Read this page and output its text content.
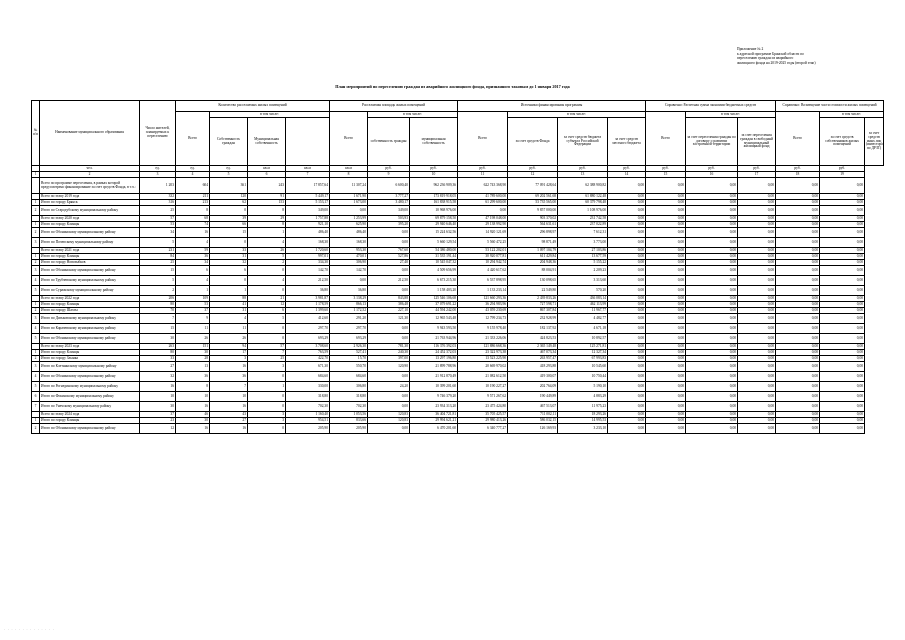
Приложение № 2
к адресной программе Брянской области по
переселению граждан из аварийного
жилищного фонда на 2019-2025 годы (второй этап)
План мероприятий по переселению граждан из аварийного жилищного фонда, признанного таковым до 1 января 2017 года
№ п/п	Наименование муниципального образования	Число жителей, планируемых к переселению	Количество расселяемых жилых помещений				Расселяемая площадь жилых помещений			Источники финансирования программы				Справочно: Расчетная сумма экономии бюджетных средств			Справочно: Возмещение части стоимости жилых помещений		
			Всего	в том числе:			Всего	в том числе:		Всего	в том числе:			Всего	в том числе:		Всего	в том числе:	
				Собственность граждан	Муниципальная собственность			собственность граждан	муниципальная собственность		за счет средств Фонда	за счет средств бюджета субъекта Российской Федерации	за счет средств местного бюджета		за счет переселения граждан по договору о развитии застроенной территории	за счет переселения граждан в свободный муниципальный жилищный фонд		за счет средств собственников жилых помещений	за счет средств иных лиц (инвестора по ДРЗТ)
	чел.	ед.	ед.	ед.	кв.м	кв.м	кв.м	руб.	руб.	руб.	руб.	руб.	руб.	руб.	руб.	руб.	руб.	руб.	
1	2	3	4	5	6	7	8	9	10	11	12	13	14	15	16	17	18	19	
	Всего по программе переселения, в рамках которой предусмотрено финансирование за счет средств Фонда, в т.ч.:	1 203	604	361	243	17 857,64	11 307,24	6 600,40	962 236 909,36	622 743 368,90	77 091 428,64	62 388 900,82	0,00	0,00	0,00	0,00	0,00	0,00	
	Всего по этапу 2019 года	332	211	120	91	5 449,17	1 671,90	3 777,27	173 819 918,05	41 789 600,00	69 202 561,68	61 880 122,48	0,00	0,00	0,00	0,00	0,00	0,00	
1	Итого по городу Брянск	316	213	62	153	5 153,17	1 673,00	3 480,17	161 838 915,58	61 299 600,00	53 735 565,00	60 379 798,48	0,00	0,00	0,00	0,00	0,00	0,00	
2	Итого по Стародубскому муниципальному району	25	8	0	8	349,00	0,00	349,00	10 968 976,00	0,00	9 857 000,00	1 108 976,00	0,00	0,00	0,00	0,00	0,00	0,00	
	Всего по этапу 2020 года	57	68	39	29	1 757,88	1 253,99	503,93	69 879 158,50	47 198 048,00	903 370,02	231 742,58	0,00	0,00	0,00	0,00	0,00	0,00	
1	Итого по городу Клинцы	53	74	66	8	921,10	625,90	395,20	29 940 646,40	29 138 992,90	564 631,61	237 022,89	0,00	0,00	0,00	0,00	0,00	0,00	
2	Итого по Обонинскому муниципальному району	34	16	15	1	486,40	486,40	0,00	15 224 632,56	14 920 121,69	296 898,97	7 612,31	0,00	0,00	0,00	0,00	0,00	0,00	
3	Итого по Почепскому муниципальному району	5	4	0	4	168,30	168,30	0,00	5 660 129,54	5 560 472,25	98 871,49	3 773,00	0,00	0,00	0,00	0,00	0,00	0,00	
	Всего по этапу 2021 года	231	59	33	26	1 720,60	953,30	767,60	54 386 480,00	53 122 202,01	1 097 104,79	27 103,86	0,00	0,00	0,00	0,00	0,00	0,00	
1	Итого по городу Клинцы	84	36	31	5	997,01	470,01	527,86	31 535 191,44	30 920 077,81	611 429,84	13 677,59	0,00	0,00	0,00	0,00	0,00	0,00	
2	Итого по городу Новозыбков	25	34	32	2	334,30	306,90	27,40	10 545 047,32	10 294 942,74	204 948,36	5 155,22	0,00	0,00	0,00	0,00	0,00	0,00	
3	Итого по Обонинскому муниципальному району	15	6	6	0	142,70	142,70	0,00	4 509 656,99	4 420 617,62	88 004,91	2 209,23	0,00	0,00	0,00	0,00	0,00	0,00	
4	Итого по Трубчевскому муниципальному району	5	4	0	4	212,50	0,00	212,50	6 673 215,30	6 537 898,95	130 098,65	3 313,60	0,00	0,00	0,00	0,00	0,00	0,00	
5	Итого по Суражскому муниципальному району	2	1	1	0	36,80	36,80	0,00	1 158 403,20	1 133 233,14	22 549,80	570,20	0,00	0,00	0,00	0,00	0,00	0,00	
	Всего по этапу 2022 года	206	109	88	21	3 981,87	3 138,29	843,88	125 546 106,68	121 660 293,36	2 439 833,26	436 083,14	0,00	0,00	0,00	0,00	0,00	0,00	
1	Итого по городу Клинцы	80	53	41	12	1 178,59	866,13	386,48	37 079 691,22	36 294 983,96	727 598,71	462 113,99	0,00	0,00	0,00	0,00	0,00	0,00	
2	Итого по городу Шахты	70	37	31	6	1 399,60	1 172,52	227,10	44 594 242,00	43 059 230,69	867 307,84	11 967,77	0,00	0,00	0,00	0,00	0,00	0,00	
3	Итого по Дятьковскому муниципальному району	7	9	4	5	412,60	291,20	121,30	12 965 543,48	12 799 234,73	232 928,99	4 482,77	0,00	0,00	0,00	0,00	0,00	0,00	
4	Итого по Карачевскому муниципальному району	15	11	11	0	297,70	297,70	0,00	9 943 593,50	9 155 978,40	182 137,92	4 671,18	0,00	0,00	0,00	0,00	0,00	0,00	
5	Итого по Обонинскому муниципальному району	30	26	26	0	693,29	693,29	0,00	21 763 944,96	21 333 226,06	424 823,53	10 892,57	0,00	0,00	0,00	0,00	0,00	0,00	
	Всего по этапу 2023 года	263	151	94	57	3 708,60	2 926,30	781,30	116 376 392,03	121 886 668,36	2 365 149,48	125 271,81	0,00	0,00	0,00	0,00	0,00	0,00	
1	Итого по городу Клинцы	80	30	17	7	763,59	527,41	240,30	24 452 372,03	23 322 973,38	467 073,34	12 327,34	0,00	0,00	0,00	0,00	0,00	0,00	
2	Итого по городу Злынка	33	28	3	25	422,70	15,70	397,00	13 297 196,80	13 523 225,90	263 957,47	67 993,83	0,00	0,00	0,00	0,00	0,00	0,00	
3	Итого по Клетнянскому муниципальному району	27	13	16	3	671,30	550,70	120,90	21 899 788,96	20 669 970,02	418 293,88	10 545,60	0,00	0,00	0,00	0,00	0,00	0,00	
4	Итого по Обонинскому муниципальному району	32	36	36	0	684,60	684,60	0,00	21 912 870,49	21 082 612,50	419 300,07	10 750,44	0,00	0,00	0,00	0,00	0,00	0,00	
5	Итого по Рогнединскому муниципальному району	16	8	7	1	330,00	306,80	24,20	10 399 201,60	10 190 227,27	202 764,09	5 190,10	0,00	0,00	0,00	0,00	0,00	0,00	
6	Итого по Фокинскому муниципальному району	10	10	10	0	318,80	318,80	0,00	9 746 379,20	9 571 267,62	190 449,89	4 883,29	0,00	0,00	0,00	0,00	0,00	0,00	
7	Итого по Унечскому муниципальному району	30	16	16	0	702,30	702,30	0,00	23 934 313,20	23 475 424,80	467 513,07	11 975,23	0,00	0,00	0,00	0,00	0,00	0,00	
	Всего по этапу 2024 года	37	46	43	3	1 160,40	1 053,56	120,83	36 404 721,81	35 705 425,57	711 002,11	18 293,26	0,00	0,00	0,00	0,00	0,00	0,00	
1	Итого по городу Клинцы	23	30	27	3	954,51	833,66	120,83	29 994 621,21	29 980 413,26	586 032,15	14 995,53	0,00	0,00	0,00	0,00	0,00	0,00	
2	Итого по Обонинскому муниципальному району	12	16	16	0	205,90	205,90	0,00	6 470 201,60	6 340 777,27	126 169,93	3 233,10	0,00	0,00	0,00	0,00	0,00	0,00	
· · · · · · · · · · · · · ·
